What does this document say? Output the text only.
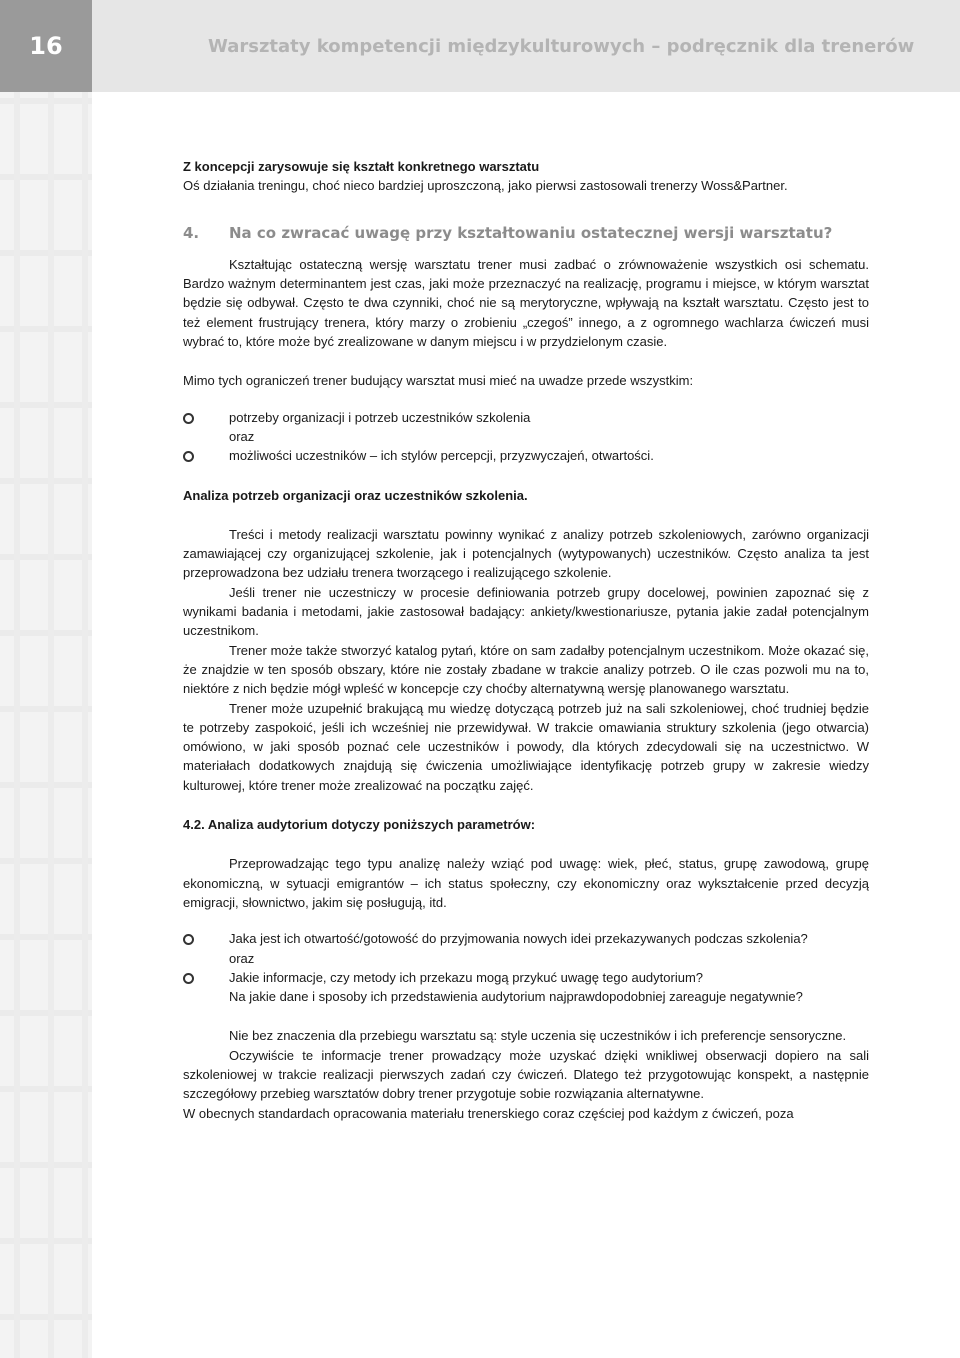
16	Warsztaty kompetencji międzykulturowych – podręcznik dla trenerów

Z koncepcji zarysowuje się kształt konkretnego warsztatu

Oś działania treningu, choć nieco bardziej uproszczoną, jako pierwsi zastosowali trenerzy Woss&Partner.

4.	Na co zwracać uwagę przy kształtowaniu ostatecznej wersji warsztatu?

Kształtując ostateczną wersję warsztatu trener musi zadbać o zrównoważenie wszystkich osi schematu. Bardzo ważnym determinantem jest czas, jaki może przeznaczyć na realizację, programu i miejsce, w którym warsztat będzie się odbywał. Często te dwa czynniki, choć nie są merytoryczne, wpływają na kształt warsztatu. Często jest to też element frustrujący trenera, który marzy o zrobieniu „czegoś” innego, a z ogromnego wachlarza ćwiczeń musi wybrać to, które może być zrealizowane w danym miejscu i w przydzielonym czasie.

Mimo tych ograniczeń trener budujący warsztat musi mieć na uwadze przede wszystkim:

potrzeby organizacji i potrzeb uczestników szkolenia
oraz
możliwości uczestników – ich stylów percepcji, przyzwyczajeń, otwartości.

Analiza potrzeb organizacji oraz uczestników szkolenia.

Treści i metody realizacji warsztatu powinny wynikać z analizy potrzeb szkoleniowych, zarówno organizacji zamawiającej czy organizującej szkolenie, jak i potencjalnych (wytypowanych) uczestników. Często analiza ta jest przeprowadzona bez udziału trenera tworzącego i realizującego szkolenie.

Jeśli trener nie uczestniczy w procesie definiowania potrzeb grupy docelowej, powinien zapoznać się z wynikami badania i metodami, jakie zastosował badający: ankiety/kwestionariusze, pytania jakie zadał potencjalnym uczestnikom.

Trener może także stworzyć katalog pytań, które on sam zadałby potencjalnym uczestnikom. Może okazać się, że znajdzie w ten sposób obszary, które nie zostały zbadane w trakcie analizy potrzeb. O ile czas pozwoli mu na to, niektóre z nich będzie mógł wpleść w koncepcje czy choćby alternatywną wersję planowanego warsztatu.

Trener może uzupełnić brakującą mu wiedzę dotyczącą potrzeb już na sali szkoleniowej, choć trudniej będzie te potrzeby zaspokoić, jeśli ich wcześniej nie przewidywał. W trakcie omawiania struktury szkolenia (jego otwarcia) omówiono, w jaki sposób poznać cele uczestników i powody, dla których zdecydowali się na uczestnictwo. W materiałach dodatkowych znajdują się ćwiczenia umożliwiające identyfikację potrzeb grupy w zakresie wiedzy kulturowej, które trener może zrealizować na początku zajęć.

4.2. Analiza audytorium dotyczy poniższych parametrów:

Przeprowadzając tego typu analizę należy wziąć pod uwagę: wiek, płeć, status, grupę zawodową, grupę ekonomiczną, w sytuacji emigrantów – ich status społeczny, czy ekonomiczny oraz wykształcenie przed decyzją emigracji, słownictwo, jakim się posługują, itd.

Jaka jest ich otwartość/gotowość do przyjmowania nowych idei przekazywanych podczas szkolenia?
oraz
Jakie informacje, czy metody ich przekazu mogą przykuć uwagę tego audytorium?
Na jakie dane i sposoby ich przedstawienia audytorium najprawdopodobniej zareaguje negatywnie?

Nie bez znaczenia dla przebiegu warsztatu są: style uczenia się uczestników i ich preferencje sensoryczne.

Oczywiście te informacje trener prowadzący może uzyskać dzięki wnikliwej obserwacji dopiero na sali szkoleniowej w trakcie realizacji pierwszych zadań czy ćwiczeń. Dlatego też przygotowując konspekt, a następnie szczegółowy przebieg warsztatów dobry trener przygotuje sobie rozwiązania alternatywne.

W obecnych standardach opracowania materiału trenerskiego coraz częściej pod każdym z ćwiczeń, poza
